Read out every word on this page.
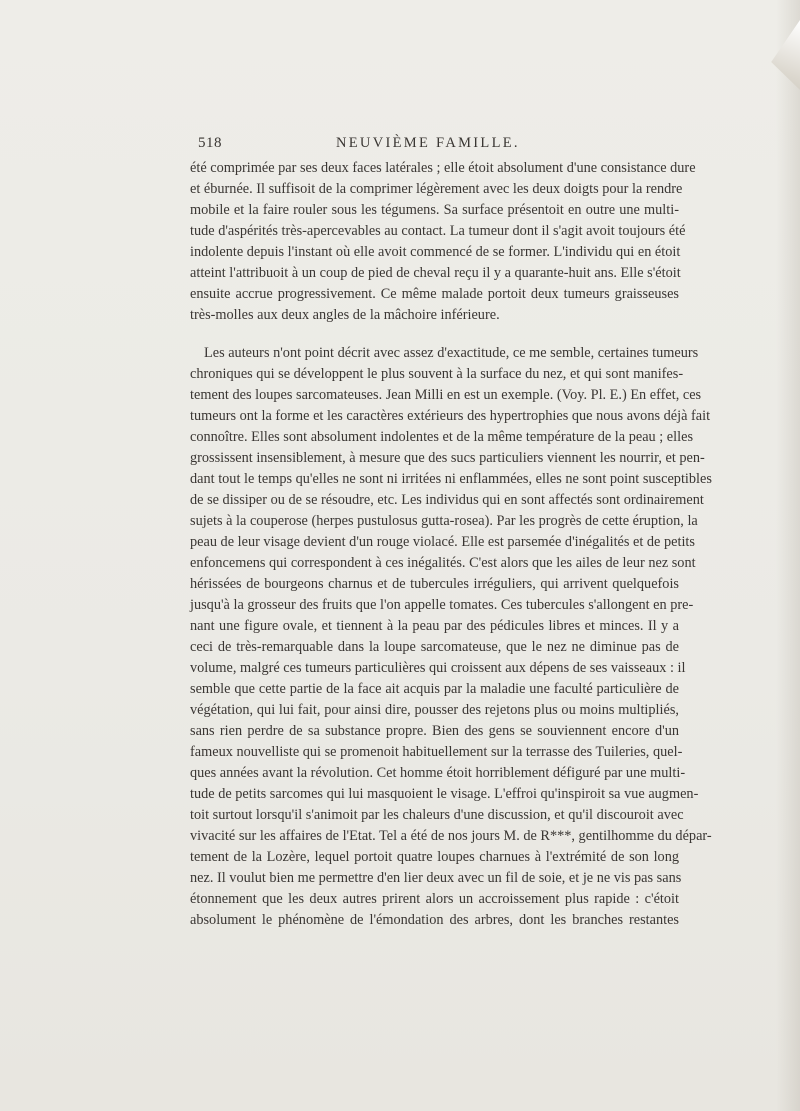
518	NEUVIÈME FAMILLE.
été comprimée par ses deux faces latérales ; elle étoit absolument d'une consistance dure
et éburnée. Il suffisoit de la comprimer légèrement avec les deux doigts pour la rendre
mobile et la faire rouler sous les tégumens. Sa surface présentoit en outre une multi-
tude d'aspérités très-apercevables au contact. La tumeur dont il s'agit avoit toujours été
indolente depuis l'instant où elle avoit commencé de se former. L'individu qui en étoit
atteint l'attribuoit à un coup de pied de cheval reçu il y a quarante-huit ans. Elle s'étoit
ensuite accrue progressivement. Ce même malade portoit deux tumeurs graisseuses
très-molles aux deux angles de la mâchoire inférieure.
Les auteurs n'ont point décrit avec assez d'exactitude, ce me semble, certaines tumeurs
chroniques qui se développent le plus souvent à la surface du nez, et qui sont manifes-
tement des loupes sarcomateuses. Jean Milli en est un exemple. (Voy. Pl. E.) En effet, ces
tumeurs ont la forme et les caractères extérieurs des hypertrophies que nous avons déjà fait
connoître. Elles sont absolument indolentes et de la même température de la peau ; elles
grossissent insensiblement, à mesure que des sucs particuliers viennent les nourrir, et pen-
dant tout le temps qu'elles ne sont ni irritées ni enflammées, elles ne sont point susceptibles
de se dissiper ou de se résoudre, etc. Les individus qui en sont affectés sont ordinairement
sujets à la couperose (herpes pustulosus gutta-rosea). Par les progrès de cette éruption, la
peau de leur visage devient d'un rouge violacé. Elle est parsemée d'inégalités et de petits
enfoncemens qui correspondent à ces inégalités. C'est alors que les ailes de leur nez sont
hérissées de bourgeons charnus et de tubercules irréguliers, qui arrivent quelquefois
jusqu'à la grosseur des fruits que l'on appelle tomates. Ces tubercules s'allongent en pre-
nant une figure ovale, et tiennent à la peau par des pédicules libres et minces. Il y a
ceci de très-remarquable dans la loupe sarcomateuse, que le nez ne diminue pas de
volume, malgré ces tumeurs particulières qui croissent aux dépens de ses vaisseaux : il
semble que cette partie de la face ait acquis par la maladie une faculté particulière de
végétation, qui lui fait, pour ainsi dire, pousser des rejetons plus ou moins multipliés,
sans rien perdre de sa substance propre. Bien des gens se souviennent encore d'un
fameux nouvelliste qui se promenoit habituellement sur la terrasse des Tuileries, quel-
ques années avant la révolution. Cet homme étoit horriblement défiguré par une multi-
tude de petits sarcomes qui lui masquoient le visage. L'effroi qu'inspiroit sa vue augmen-
toit surtout lorsqu'il s'animoit par les chaleurs d'une discussion, et qu'il discouroit avec
vivacité sur les affaires de l'Etat. Tel a été de nos jours M. de R***, gentilhomme du dépar-
tement de la Lozère, lequel portoit quatre loupes charnues à l'extrémité de son long
nez. Il voulut bien me permettre d'en lier deux avec un fil de soie, et je ne vis pas sans
étonnement que les deux autres prirent alors un accroissement plus rapide : c'étoit
absolument le phénomène de l'émondation des arbres, dont les branches restantes
